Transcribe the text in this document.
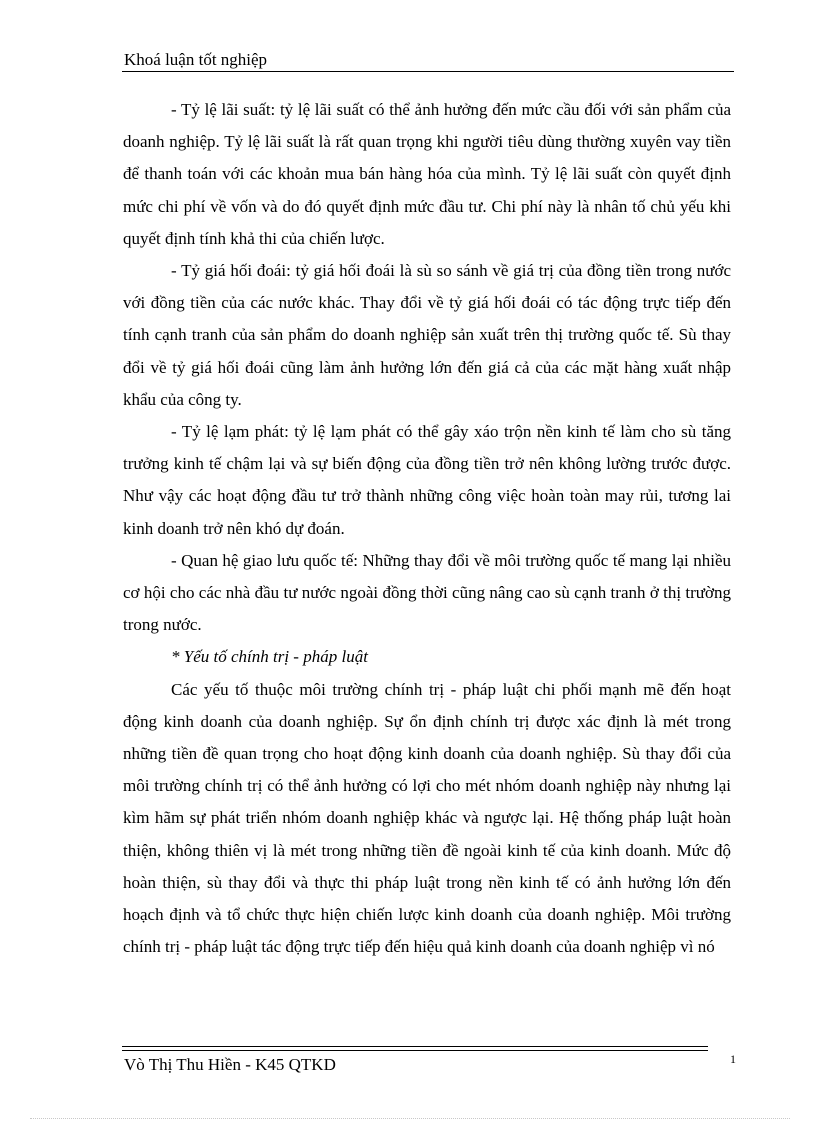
Khoá luận tốt nghiệp

- Tỷ lệ lãi suất: tỷ lệ lãi suất có thể ảnh hưởng đến mức cầu đối với sản phẩm của doanh nghiệp. Tỷ lệ lãi suất là rất quan trọng khi người tiêu dùng thường xuyên vay tiền để thanh toán với các khoản mua bán hàng hóa của mình. Tỷ lệ lãi suất còn quyết định mức chi phí về vốn và do đó quyết định mức đầu tư. Chi phí này là nhân tố chủ yếu khi quyết định tính khả thi của chiến lược.

- Tỷ giá hối đoái: tỷ giá hối đoái là sù so sánh về giá trị của đồng tiền trong nước với đồng tiền của các nước khác. Thay đổi về tỷ giá hối đoái có tác động trực tiếp đến tính cạnh tranh của sản phẩm do doanh nghiệp sản xuất trên thị trường quốc tế. Sù thay đổi về tỷ giá hối đoái cũng làm ảnh hưởng lớn đến giá cả của các mặt hàng xuất nhập khẩu của công ty.

- Tỷ lệ lạm phát: tỷ lệ lạm phát có thể gây xáo trộn nền kinh tế làm cho sù tăng trưởng kinh tế chậm lại và sự biến động của đồng tiền trở nên không lường trước được. Như vậy các hoạt động đầu tư trở thành những công việc hoàn toàn may rủi, tương lai kinh doanh trở nên khó dự đoán.

- Quan hệ giao lưu quốc tế: Những thay đổi về môi trường quốc tế mang lại nhiều cơ hội cho các nhà đầu tư nước ngoài đồng thời cũng nâng cao sù cạnh tranh ở thị trường trong nước.

* Yếu tố chính trị - pháp luật

Các yếu tố thuộc môi trường chính trị - pháp luật chi phối mạnh mẽ đến hoạt động kinh doanh của doanh nghiệp. Sự ổn định chính trị được xác định là mét trong những tiền đề quan trọng cho hoạt động kinh doanh của doanh nghiệp. Sù thay đổi của môi trường chính trị có thể ảnh hưởng có lợi cho mét nhóm doanh nghiệp này nhưng lại kìm hãm sự phát triển nhóm doanh nghiệp khác và ngược lại. Hệ thống pháp luật hoàn thiện, không thiên vị là mét trong những tiền đề ngoài kinh tế của kinh doanh. Mức độ hoàn thiện, sù thay đổi và thực thi pháp luật trong nền kinh tế có ảnh hưởng lớn đến hoạch định và tổ chức thực hiện chiến lược kinh doanh của doanh nghiệp. Môi trường chính trị - pháp luật tác động trực tiếp đến hiệu quả kinh doanh của doanh nghiệp vì nó

Vò Thị Thu Hiền - K45 QTKD	1
